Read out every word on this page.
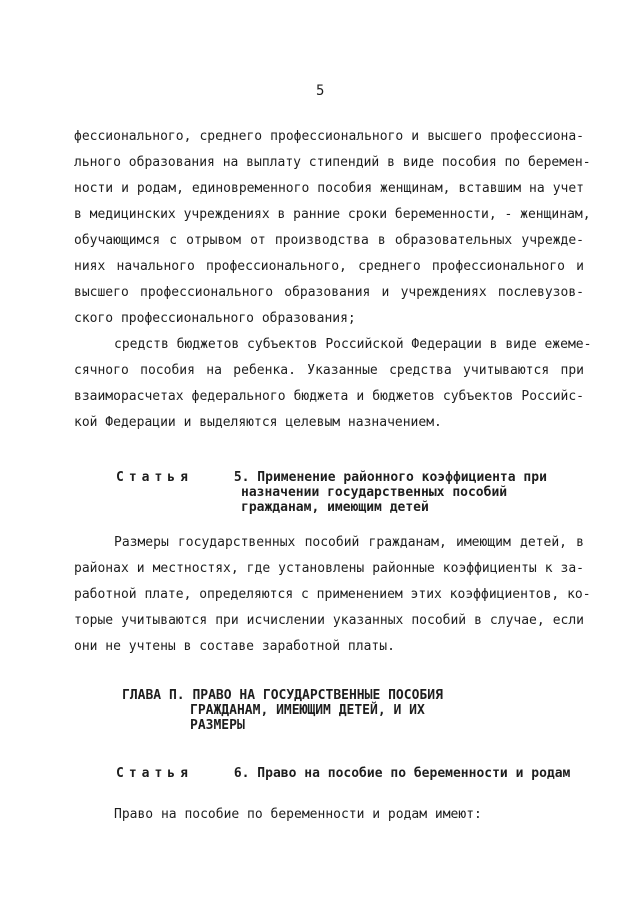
5
фессионального, среднего профессионального и высшего профессиона-
льного образования на выплату стипендий в виде пособия по беремен-
ности и родам, единовременного пособия женщинам, вставшим на учет
в медицинских учреждениях в ранние сроки беременности, - женщинам,
обучающимся с отрывом от производства в образовательных учрежде-
ниях начального профессионального, среднего профессионального и
высшего профессионального образования и учреждениях послевузов-
ского профессионального образования;
средств бюджетов субъектов Российской Федерации в виде ежеме-
сячного пособия на ребенка. Указанные средства учитываются при
взаиморасчетах федерального бюджета и бюджетов субъектов Российс-
кой Федерации и выделяются целевым назначением.
Статья	5. Применение районного коэффициента при
назначении государственных пособий
гражданам, имеющим детей
Размеры государственных пособий гражданам, имеющим детей, в
районах и местностях, где установлены районные коэффициенты к за-
работной плате, определяются с применением этих коэффициентов, ко-
торые учитываются при исчислении указанных пособий в случае, если
они не учтены в составе заработной платы.
ГЛАВА П. ПРАВО НА ГОСУДАРСТВЕННЫЕ ПОСОБИЯ
ГРАЖДАНАМ, ИМЕЮЩИМ ДЕТЕЙ, И ИХ
РАЗМЕРЫ
Статья	6. Право на пособие по беременности и родам
Право на пособие по беременности и родам имеют:
